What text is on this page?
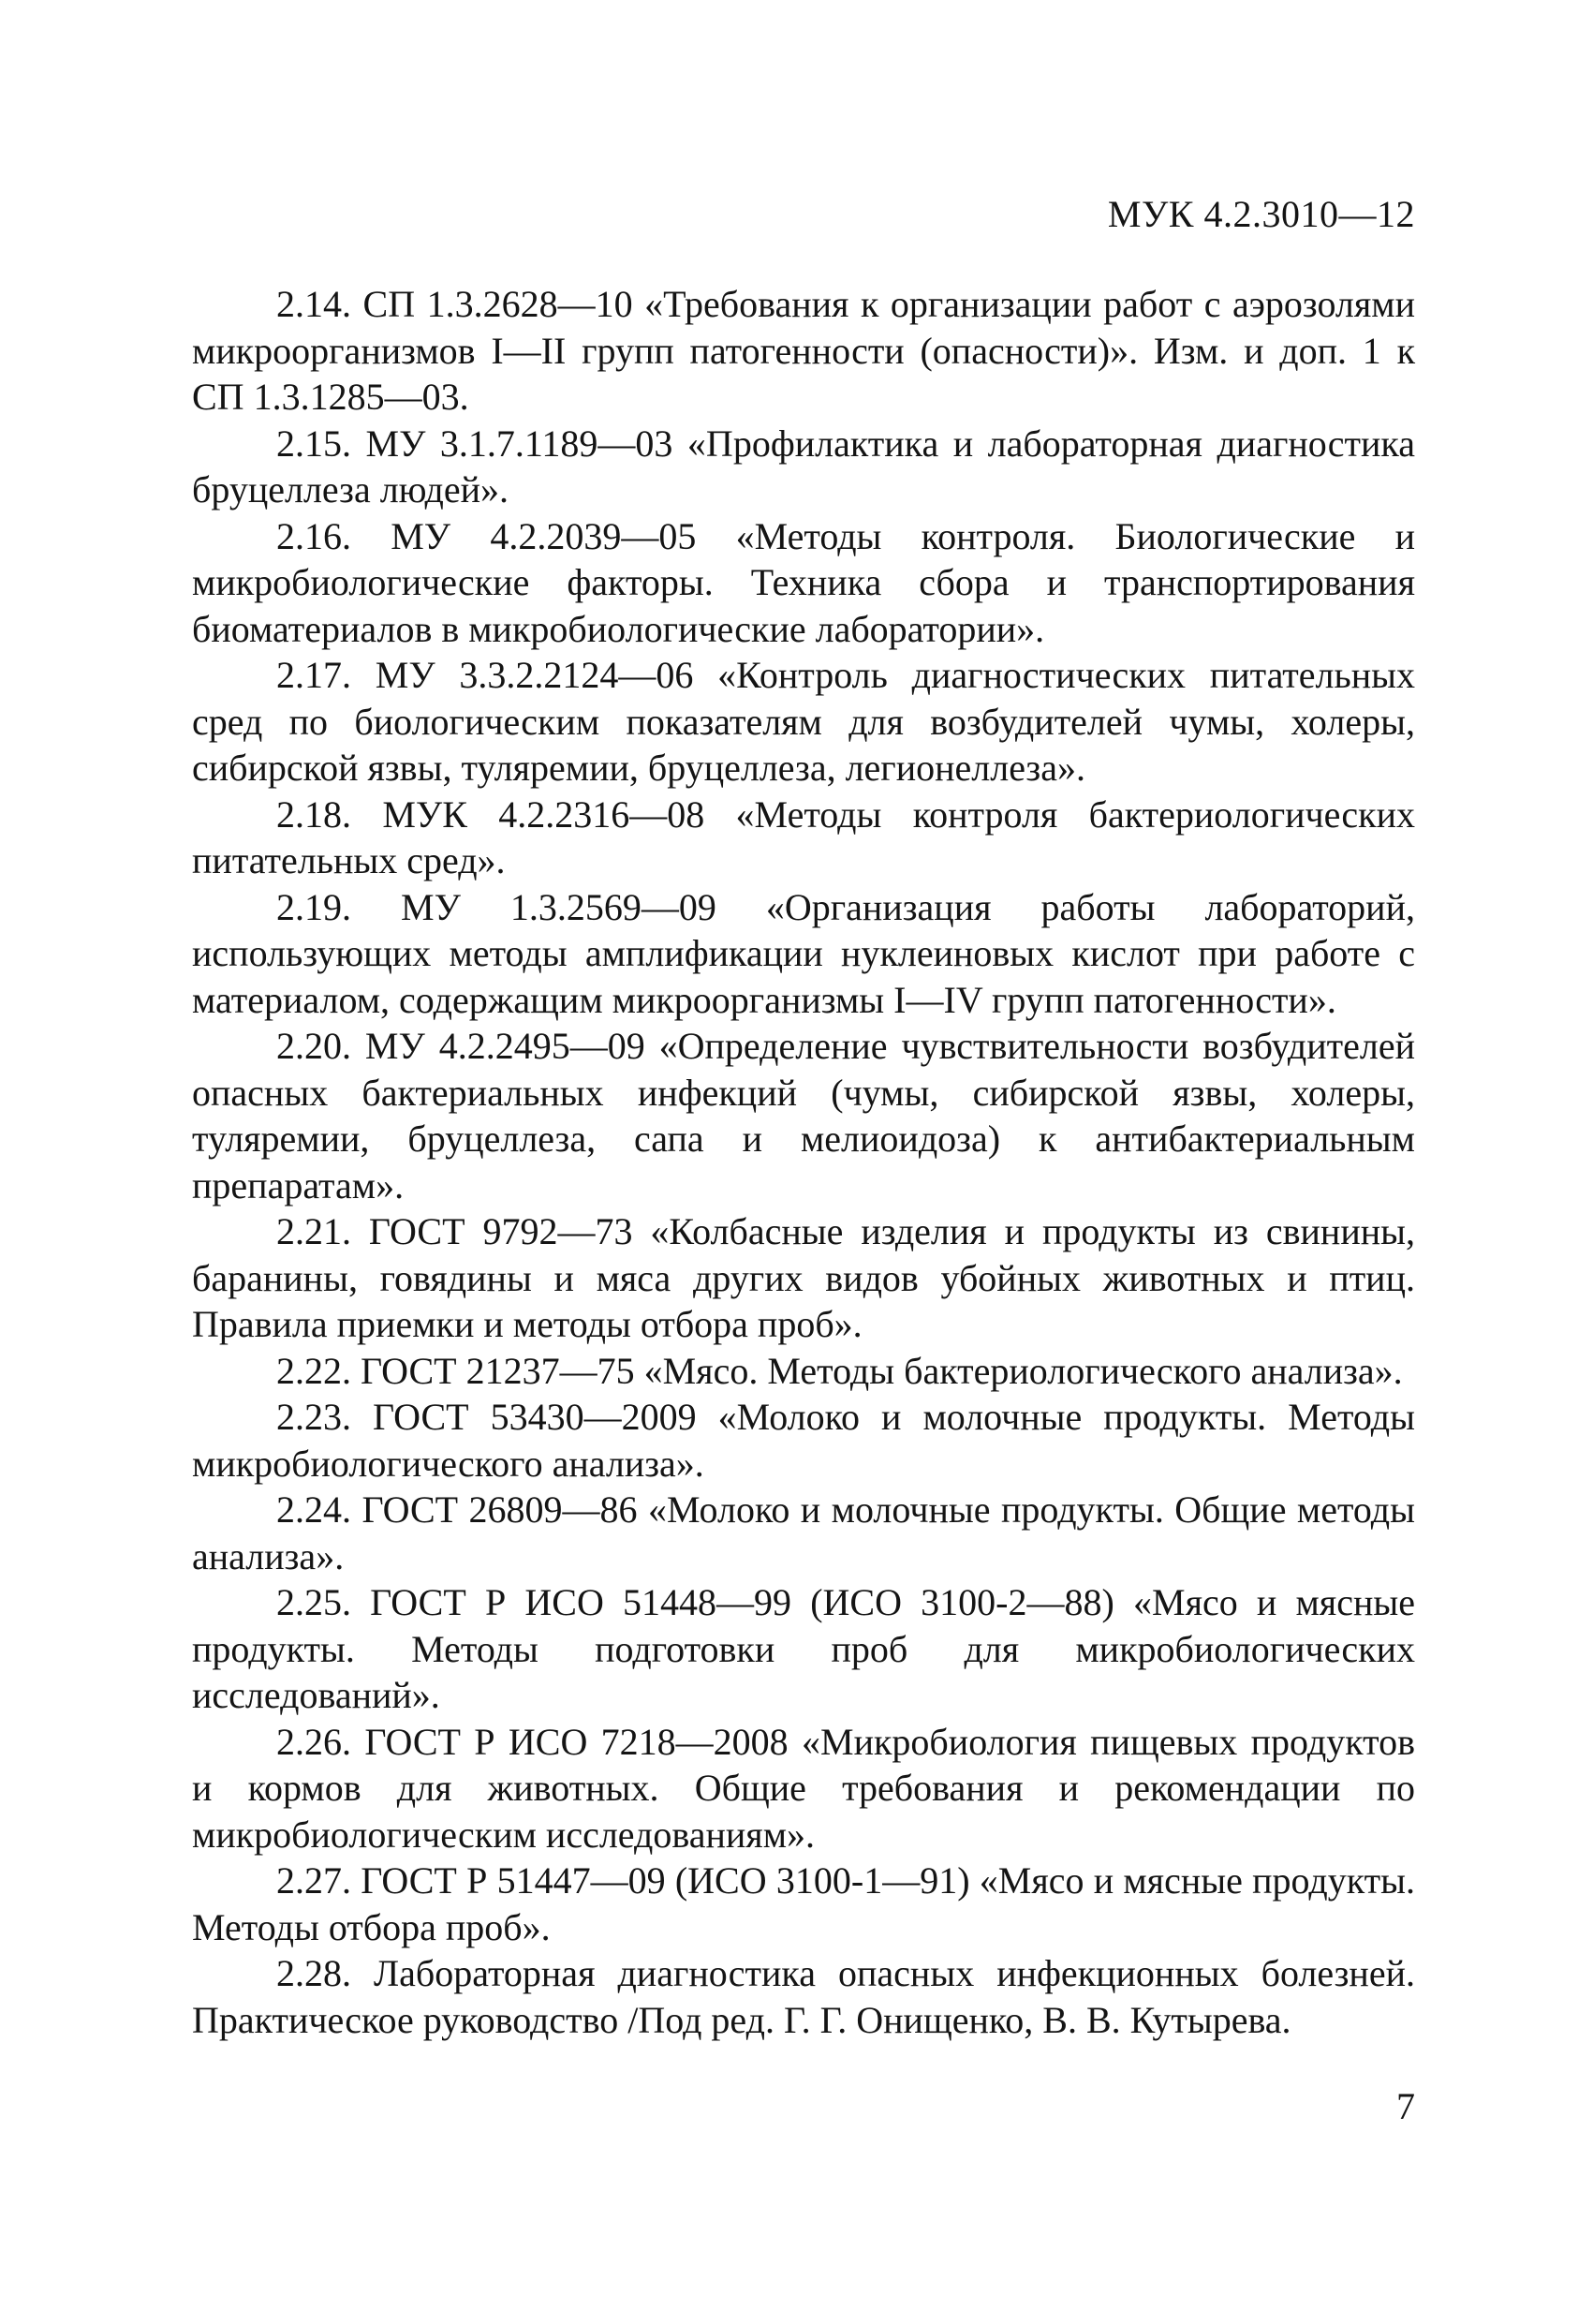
МУК 4.2.3010—12

2.14. СП 1.3.2628—10 «Требования к организации работ с аэрозолями микроорганизмов I—II групп патогенности (опасности)». Изм. и доп. 1 к СП 1.3.1285—03.

2.15. МУ 3.1.7.1189—03 «Профилактика и лабораторная диагностика бруцеллеза людей».

2.16. МУ 4.2.2039—05 «Методы контроля. Биологические и микробиологические факторы. Техника сбора и транспортирования биоматериалов в микробиологические лаборатории».

2.17. МУ 3.3.2.2124—06 «Контроль диагностических питательных сред по биологическим показателям для возбудителей чумы, холеры, сибирской язвы, туляремии, бруцеллеза, легионеллеза».

2.18. МУК 4.2.2316—08 «Методы контроля бактериологических питательных сред».

2.19. МУ 1.3.2569—09 «Организация работы лабораторий, использующих методы амплификации нуклеиновых кислот при работе с материалом, содержащим микроорганизмы I—IV групп патогенности».

2.20. МУ 4.2.2495—09 «Определение чувствительности возбудителей опасных бактериальных инфекций (чумы, сибирской язвы, холеры, туляремии, бруцеллеза, сапа и мелиоидоза) к антибактериальным препаратам».

2.21. ГОСТ 9792—73 «Колбасные изделия и продукты из свинины, баранины, говядины и мяса других видов убойных животных и птиц. Правила приемки и методы отбора проб».

2.22. ГОСТ 21237—75 «Мясо. Методы бактериологического анализа».

2.23. ГОСТ 53430—2009 «Молоко и молочные продукты. Методы микробиологического анализа».

2.24. ГОСТ 26809—86 «Молоко и молочные продукты. Общие методы анализа».

2.25. ГОСТ Р ИСО 51448—99 (ИСО 3100-2—88) «Мясо и мясные продукты. Методы подготовки проб для микробиологических исследований».

2.26. ГОСТ Р ИСО 7218—2008 «Микробиология пищевых продуктов и кормов для животных. Общие требования и рекомендации по микробиологическим исследованиям».

2.27. ГОСТ Р 51447—09 (ИСО 3100-1—91) «Мясо и мясные продукты. Методы отбора проб».

2.28. Лабораторная диагностика опасных инфекционных болезней. Практическое руководство /Под ред. Г. Г. Онищенко, В. В. Кутырева.

7
